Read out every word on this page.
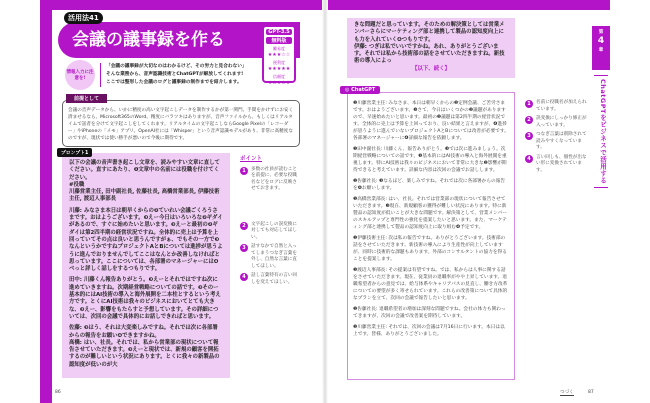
会議の議事録を作る
活用法41
GPT-3.5
無料版
難易度
★★★☆☆
便利度
★★★★★
信頼度
★★★★★
情報入力に注意を!
「会議の議事録が大切なのはわかるけど、その労力と見合わない」
そんな業務から、音声認識技術とChatGPTが解放してくれます!
ここでは整形した会議のログと議事録の制作までを紹介します。
会議の音声データから、いかに精度の高い文字起こしデータを制作するかが第一関門。手間をかけずにお安く済ませるなら、Microsoft365のWord。精度にバラツキはありますが、音声ファイルから、もしくはリアルタイムで話者を分けて文字起こしをしてくれます。リアルタイムの文字起こしならGoogle Pixelの「レコーダー」やiPhoneの「メモ」アプリ。OpenAI社には「Whisper」という音声認識モデルがあり、非常に高精度なのですが、現状では使い勝手が悪いので今後に期待です。
前提として

以下の会議の音声書き起こし文章を、読みやすい文章に直してください。直すにあたり、❶文章中の名前には役職を付けてください。
#役職
川藤営業主任, 田中副社長, 佐藤社長, 高橋営業部長, 伊藤技術主任, 渡辺人事部長

川藤: みなさま本日は朝早くからの❷ていれい会議ごくろうさまです。おはようございます。❸えー今日はいろいろな❷ギダイがあるので、すぐに始めたいと思います。❸えーと最初の❷ギダイは第2四半期の経営状況ですね。全体的に売上は予算を上回っていてその点は良いと思うんですがぁ、でもその一方で❸なんというかですねプロジェクトAとBについては進捗が思うように進んでおりませんでしてここはなんとか改善しなければと思っています。ここについては、各部署のマネージャーには❹べっと詳しく話しをするつもりです。

田中: 川藤くん報告ありがとう。❸えーとそれではですね次に進めていきますね。次期経営戦略についての話です。❸そのー基本的にはAI技術の導入と海外展開を二本柱とするという考え方です。とくにAI技術は我々のビジネスにおいてとても大きな、❸えー、影響をもたらすと予想しています。その詳細については、次回の会議で具体的にお話しできればと思います。

佐藤: ❸はう、それは大変楽しみですね。それでは次に各部署からの報告をお願い❹できますかね。
高橋: はい、社長。それでは、私から営業部の現状について報告させていただきます。❸えーと現状では、新規の顧客を開拓するのが難しいという状況にあります。とくに我々の新製品の認知度が低いのが大

プロンプト1
ポイント
1	多数の社員が読むことを前提に、必要な役職名などをログに反映させておきます。
2	文字起こしの誤変換に対しても対応してほしい。
3	話すなかで自然と入ってしまうつなぎ言葉を外し、自然な言葉に直してほしい。
4	話し言葉特有の言い回しを変えてほしい。
86

きな問題だと思っています。そのための解決策としては営業メンバーさらにマーケティング部と連携して製品の認知度向上にも力を入れていく❹つもりです。
伊藤: つぎは私でいいですかね。あれ、ありがとうございます。それでは私から技術部の話をさせていただきますね。新技術の導入によっ

【以下、続く】

❶川藤営業主任: みなさま、本日は朝早くからの❷定例会議、ご苦労さまです。おはようございます。❸さて、今日はいくつかの❷議題がありますので、早速始めたいと思います。最初の❷議題は第2四半期の経営状況です。全体的に売上は予算を上回っており、良い結果と言えますが、❹進捗が思うように進んでいないプロジェクトAとBについては改善が必要です。各部署のマネージャーに❹詳細な報告を依頼します。

❶田中副社長: 川藤くん、報告ありがとう。❸では次に進みましょう。次期経営戦略についての話です。❸基本的にはAI技術の導入と海外展開を重視します。特にAI技術は我々のビジネスにおいて非常に大きな❷影響が期待できると考えています。詳細な内容は次回の会議でお話しします。

❶佐藤社長: ❸なるほど、楽しみですね。それでは次に各部署からの報告を❹お願いします。

❶高橋営業部長: はい、社長。それでは営業部の現状について報告させていただきます。❸現在、新規顧客の獲得が難しい状況にあります。特に新製品の認知度が低いことが大きな問題です。解決策として、営業メンバーのスキルアップと専門性の強化を提案したいと思います。また、マーケティング部と連携して製品の認知度向上に取り組む❹予定です。

❶伊藤技術主任: 次は私の報告ですね。ありがとうございます。技術部の話をさせていただきます。新技術の導入により生産性が向上していますが、同時に技術的な課題もあります。外部のコンサルタントの協力を得ることを提案します。

❶渡辺人事部長: その提案は有望ですね。では、私からは人事に関する話をさせていただきます。現在、従業員の退職率がやや上昇しています。退職希望者からの意見では、給与体系やキャリアパスの見直し、働き方改革についての要望が多く寄せられています。これらの改善策について具体的なプランを立て、次回の会議で報告したいと思います。

❶佐藤社長: 退職希望者の増加は深刻な問題ですね。会社の体力も関わってきますが、次回の会議で改善案を期待しています。

❶川藤営業主任: それでは、次回の会議は7月16日に行います。本日は以上です。皆様、ありがとうございました。

◎ ChatGPT
1	名前に役職名が加えられています。
2	誤変換にしっかり修正が入っています。
3	つなぎ言葉は削除されて読みやすくなっています。
4	言い回しも、個性が出ない形に変換されています。
第
4
章
ChatGPTをビジネスで活用する
つづく	87
